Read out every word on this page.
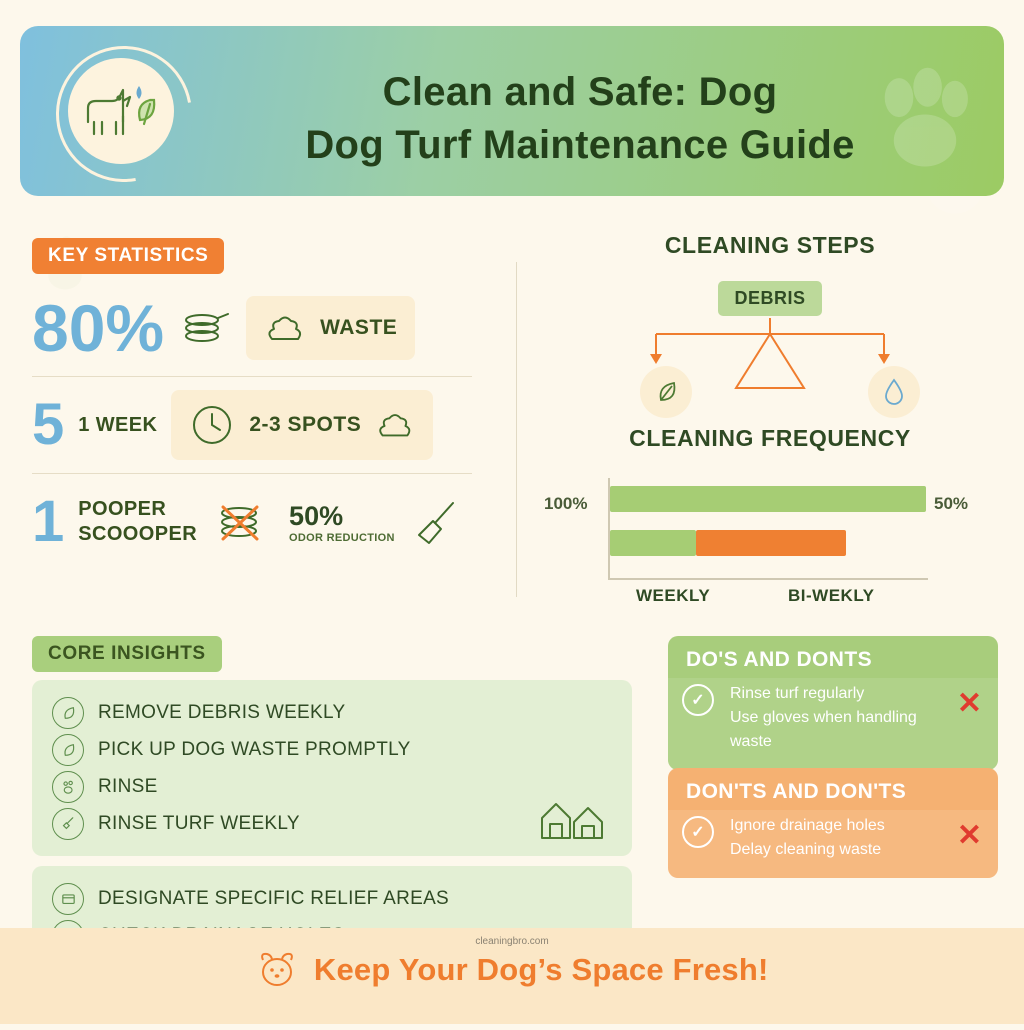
Clean and Safe: Dog
Dog Turf Maintenance Guide
KEY STATISTICS
80%	WASTE
5 1 WEEK	2-3 SPOTS
1 POOPER
SCOOOPER
50%
ODOR REDUCTION
CLEANING STEPS
DEBRIS
CLEANING FREQUENCY
100%	50%
WEEKLY	BI-WEKLY
CORE INSIGHTS
REMOVE DEBRIS WEEKLY
PICK UP DOG WASTE PROMPTLY
RINSE
RINSE TURF WEEKLY
DESIGNATE SPECIFIC RELIEF AREAS
DO'S AND DONTS
✓	✕
Rinse turf regularly
Use gloves when handling waste
DON'TS AND DON'TS
✓	✕
Ignore drainage holes
Delay cleaning waste
cleaningbro.com
Keep Your Dog’s Space Fresh!
